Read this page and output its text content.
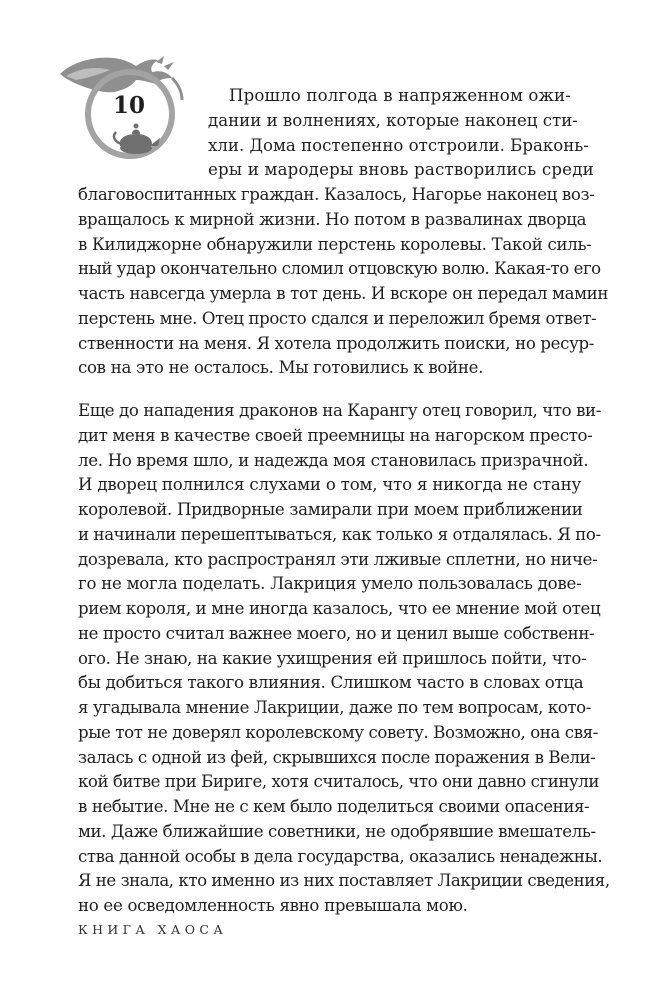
10	Прошло полгода в напряженном ожи-
дании и волнениях, которые наконец сти-
хли. Дома постепенно отстроили. Браконь-
еры и мародеры вновь растворились среди
благовоспитанных граждан. Казалось, Нагорье наконец воз-
вращалось к мирной жизни. Но потом в развалинах дворца
в Килиджорне обнаружили перстень королевы. Такой силь-
ный удар окончательно сломил отцовскую волю. Какая-то его
часть навсегда умерла в тот день. И вскоре он передал мамин
перстень мне. Отец просто сдался и переложил бремя ответ-
ственности на меня. Я хотела продолжить поиски, но ресур-
сов на это не осталось. Мы готовились к войне.
Еще до нападения драконов на Карангу отец говорил, что ви-
дит меня в качестве своей преемницы на нагорском престо-
ле. Но время шло, и надежда моя становилась призрачной.
И дворец полнился слухами о том, что я никогда не стану
королевой. Придворные замирали при моем приближении
и начинали перешептываться, как только я отдалялась. Я по-
дозревала, кто распространял эти лживые сплетни, но ниче-
го не могла поделать. Лакриция умело пользовалась дове-
рием короля, и мне иногда казалось, что ее мнение мой отец
не просто считал важнее моего, но и ценил выше собственн-
ого. Не знаю, на какие ухищрения ей пришлось пойти, что-
бы добиться такого влияния. Слишком часто в словах отца
я угадывала мнение Лакриции, даже по тем вопросам, кото-
рые тот не доверял королевскому совету. Возможно, она свя-
залась с одной из фей, скрывшихся после поражения в Вели-
кой битве при Бириге, хотя считалось, что они давно сгинули
в небытие. Мне не с кем было поделиться своими опасения-
ми. Даже ближайшие советники, не одобрявшие вмешатель-
ства данной особы в дела государства, оказались ненадежны.
Я не знала, кто именно из них поставляет Лакриции сведения,
но ее осведомленность явно превышала мою.
КНИГА ХАОСА
